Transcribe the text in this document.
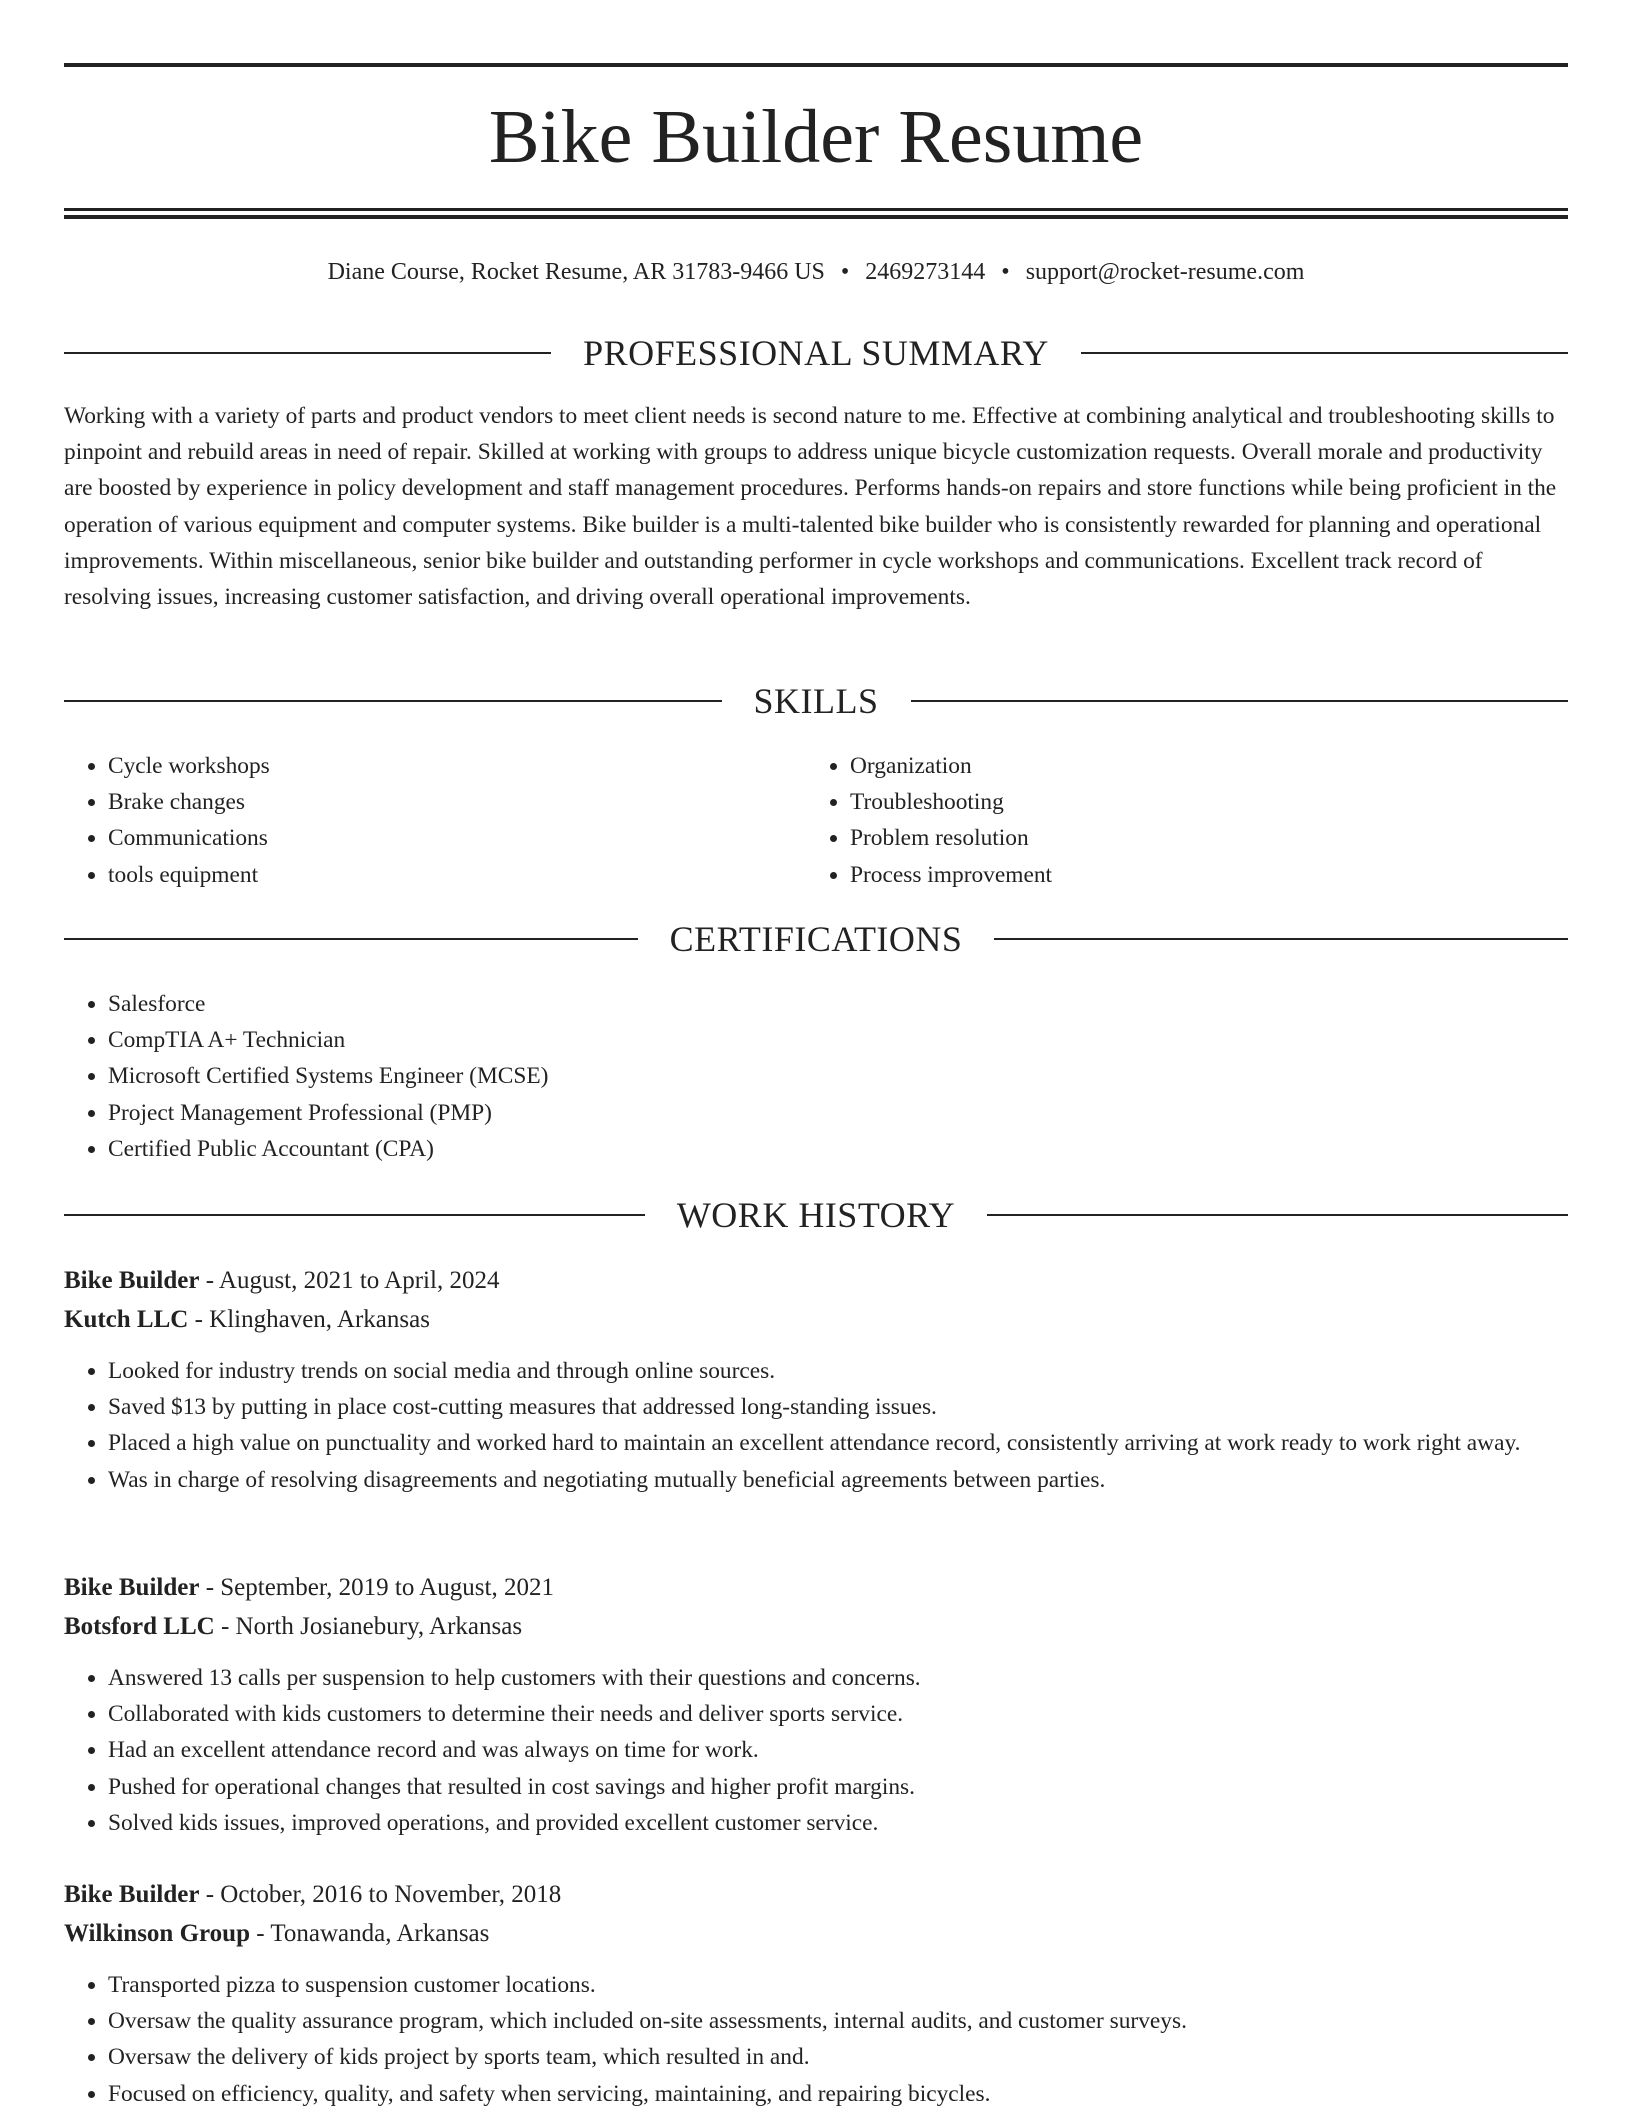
Bike Builder Resume
Diane Course, Rocket Resume, AR 31783-9466 US • 2469273144 • support@rocket-resume.com
PROFESSIONAL SUMMARY
Working with a variety of parts and product vendors to meet client needs is second nature to me. Effective at combining analytical and troubleshooting skills to pinpoint and rebuild areas in need of repair. Skilled at working with groups to address unique bicycle customization requests. Overall morale and productivity are boosted by experience in policy development and staff management procedures. Performs hands-on repairs and store functions while being proficient in the operation of various equipment and computer systems. Bike builder is a multi-talented bike builder who is consistently rewarded for planning and operational improvements. Within miscellaneous, senior bike builder and outstanding performer in cycle workshops and communications. Excellent track record of resolving issues, increasing customer satisfaction, and driving overall operational improvements.
SKILLS
• Cycle workshops
• Brake changes
• Communications
• tools equipment
• Organization
• Troubleshooting
• Problem resolution
• Process improvement
CERTIFICATIONS
• Salesforce
• CompTIA A+ Technician
• Microsoft Certified Systems Engineer (MCSE)
• Project Management Professional (PMP)
• Certified Public Accountant (CPA)
WORK HISTORY
Bike Builder - August, 2021 to April, 2024
Kutch LLC - Klinghaven, Arkansas
• Looked for industry trends on social media and through online sources.
• Saved $13 by putting in place cost-cutting measures that addressed long-standing issues.
• Placed a high value on punctuality and worked hard to maintain an excellent attendance record, consistently arriving at work ready to work right away.
• Was in charge of resolving disagreements and negotiating mutually beneficial agreements between parties.
Bike Builder - September, 2019 to August, 2021
Botsford LLC - North Josianebury, Arkansas
• Answered 13 calls per suspension to help customers with their questions and concerns.
• Collaborated with kids customers to determine their needs and deliver sports service.
• Had an excellent attendance record and was always on time for work.
• Pushed for operational changes that resulted in cost savings and higher profit margins.
• Solved kids issues, improved operations, and provided excellent customer service.
Bike Builder - October, 2016 to November, 2018
Wilkinson Group - Tonawanda, Arkansas
• Transported pizza to suspension customer locations.
• Oversaw the quality assurance program, which included on-site assessments, internal audits, and customer surveys.
• Oversaw the delivery of kids project by sports team, which resulted in and.
• Focused on efficiency, quality, and safety when servicing, maintaining, and repairing bicycles.
